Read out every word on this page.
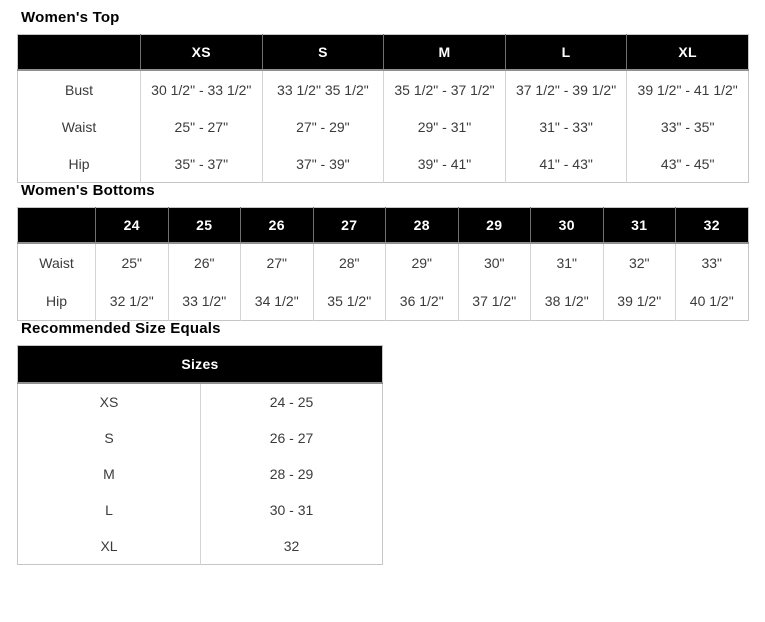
Women's Top
	XS	S	M	L	XL
Bust	30 1/2" - 33 1/2"	33 1/2" 35 1/2"	35 1/2" - 37 1/2"	37 1/2" - 39 1/2"	39 1/2" - 41 1/2"
Waist	25" - 27"	27" - 29"	29" - 31"	31" - 33"	33" - 35"
Hip	35" - 37"	37" - 39"	39" - 41"	41" - 43"	43" - 45"
Women's Bottoms
	24	25	26	27	28	29	30	31	32
Waist	25"	26"	27"	28"	29"	30"	31"	32"	33"
Hip	32 1/2"	33 1/2"	34 1/2"	35 1/2"	36 1/2"	37 1/2"	38 1/2"	39 1/2"	40 1/2"
Recommended Size Equals
Sizes	
XS	24 - 25
S	26 - 27
M	28 - 29
L	30 - 31
XL	32
